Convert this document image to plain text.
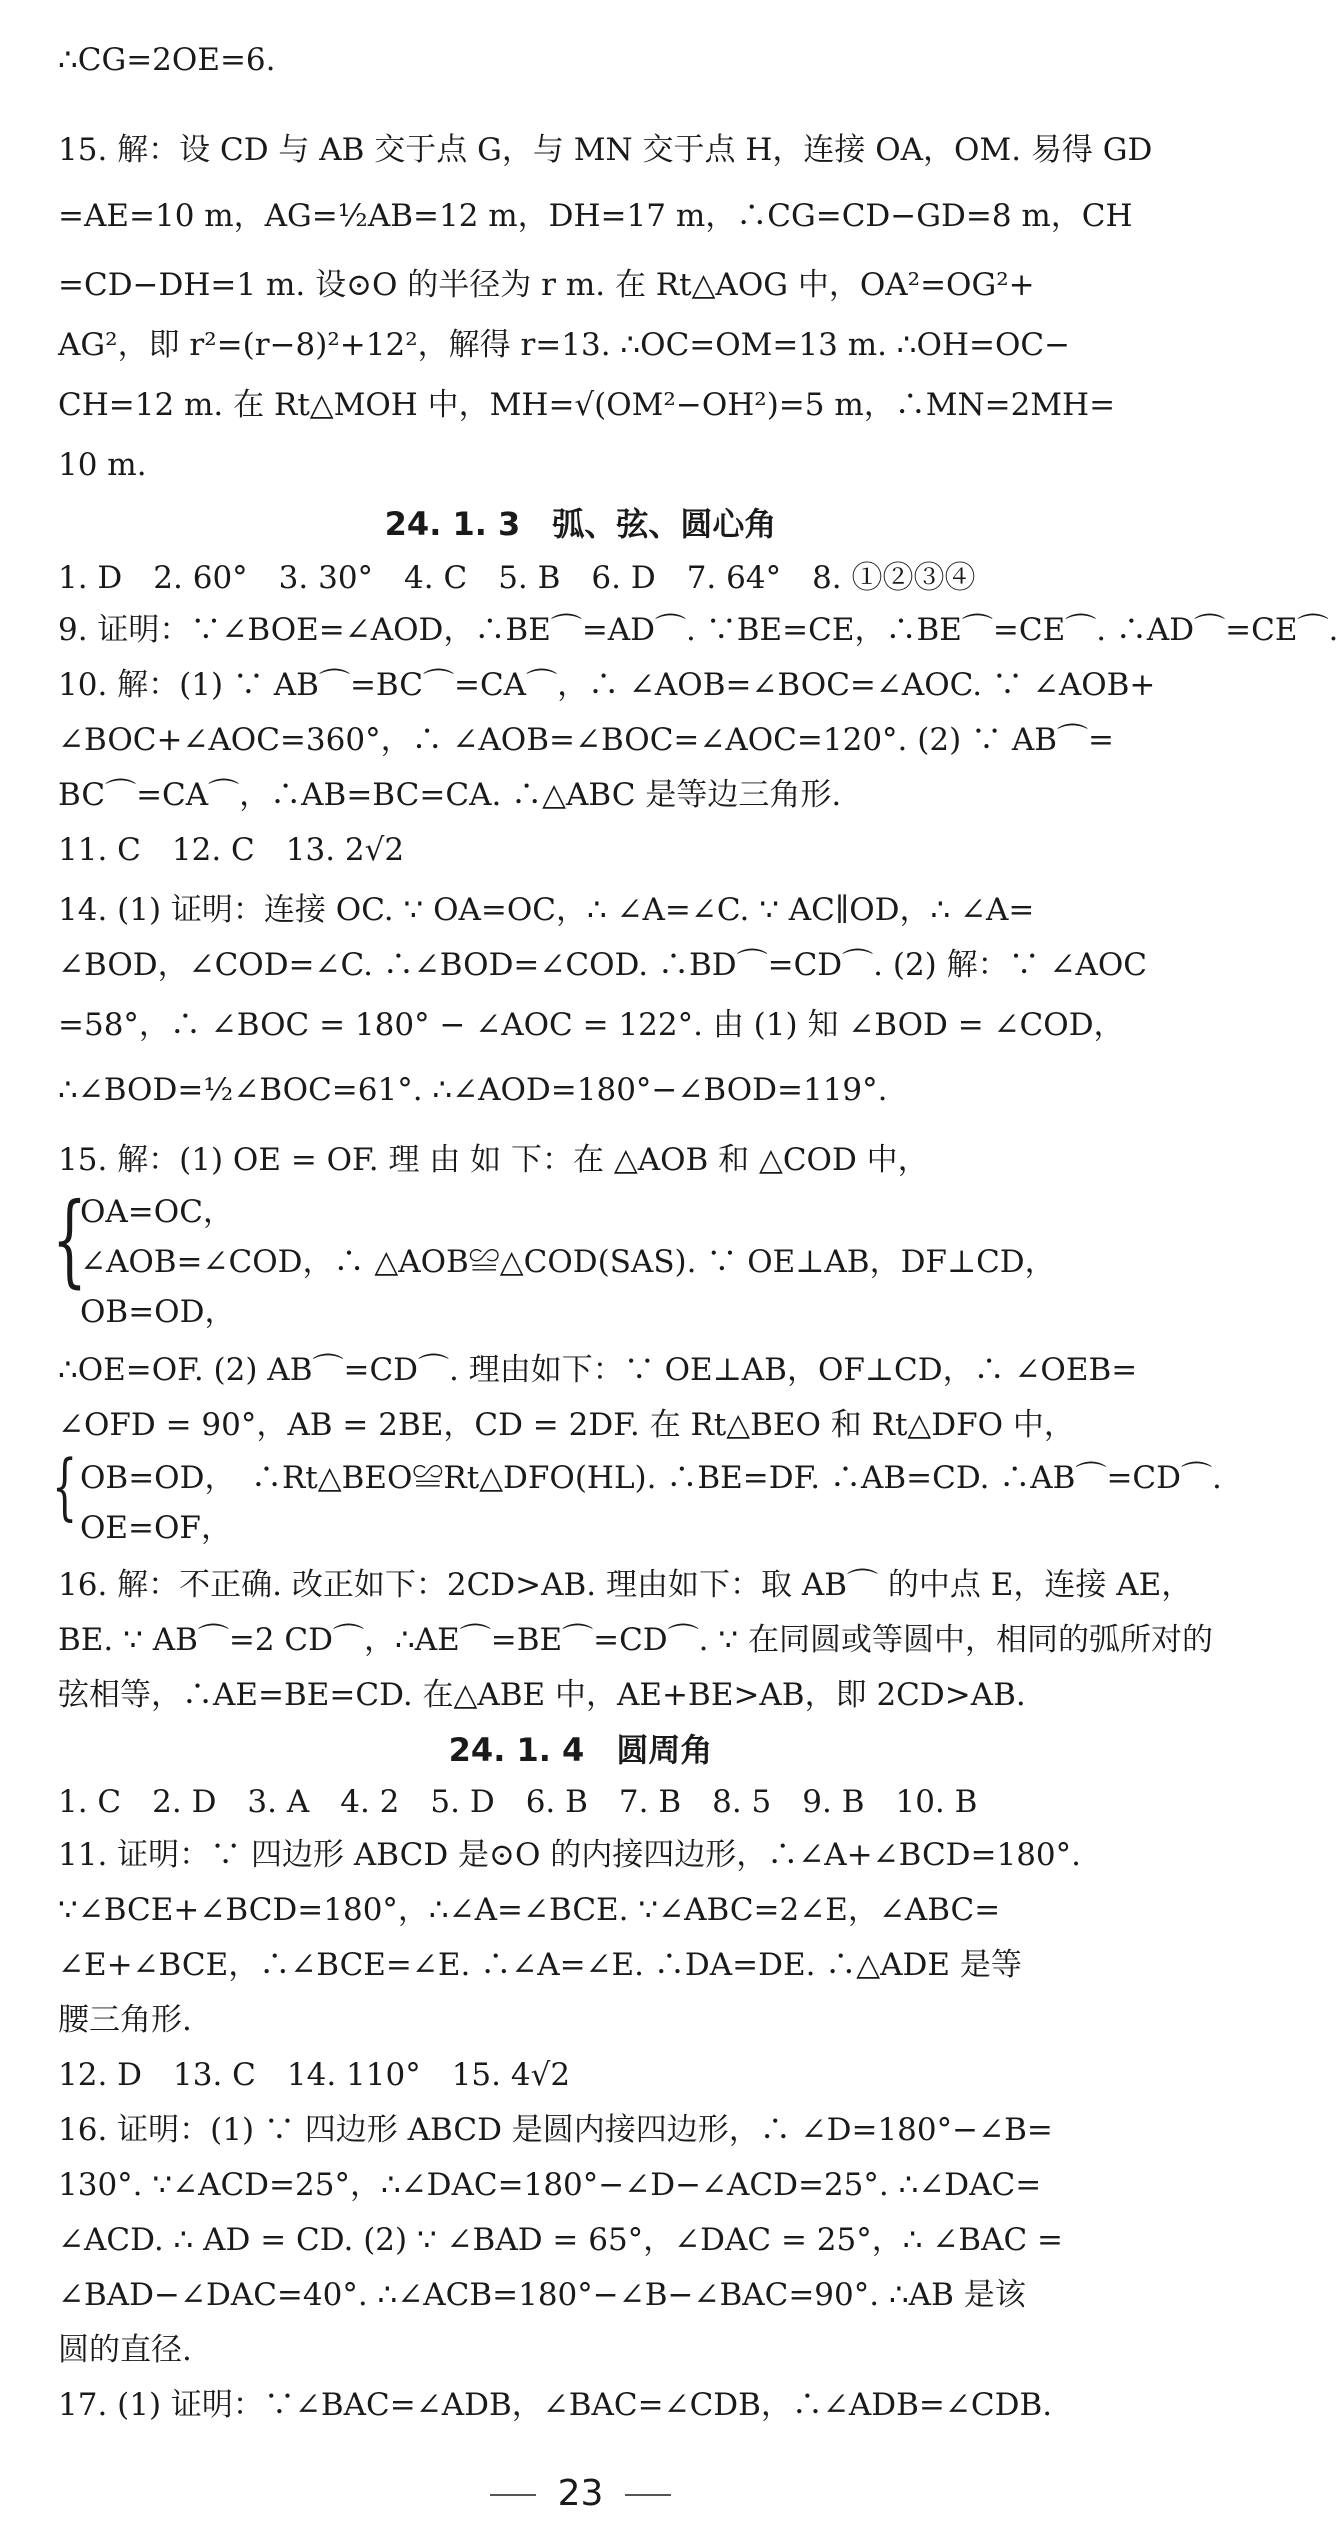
∴CG=2OE=6.
15. 解：设 CD 与 AB 交于点 G，与 MN 交于点 H，连接 OA，OM. 易得 GD
=AE=10 m，AG=½AB=12 m，DH=17 m，∴CG=CD−GD=8 m，CH
=CD−DH=1 m. 设⊙O 的半径为 r m. 在 Rt△AOG 中，OA²=OG²+
AG²，即 r²=(r−8)²+12²，解得 r=13. ∴OC=OM=13 m. ∴OH=OC−
CH=12 m. 在 Rt△MOH 中，MH=√(OM²−OH²)=5 m，∴MN=2MH=
10 m.
24. 1. 3　弧、弦、圆心角
1. D　2. 60°　3. 30°　4. C　5. B　6. D　7. 64°　8. ①②③④
9. 证明：∵∠BOE=∠AOD，∴BE⌒=AD⌒. ∵BE=CE，∴BE⌒=CE⌒. ∴AD⌒=CE⌒.
10. 解：(1) ∵ AB⌒=BC⌒=CA⌒，∴ ∠AOB=∠BOC=∠AOC. ∵ ∠AOB+
∠BOC+∠AOC=360°，∴ ∠AOB=∠BOC=∠AOC=120°. (2) ∵ AB⌒=
BC⌒=CA⌒，∴AB=BC=CA. ∴△ABC 是等边三角形.
11. C　12. C　13. 2√2
14. (1) 证明：连接 OC. ∵ OA=OC，∴ ∠A=∠C. ∵ AC∥OD，∴ ∠A=
∠BOD，∠COD=∠C. ∴∠BOD=∠COD. ∴BD⌒=CD⌒. (2) 解：∵ ∠AOC
=58°，∴ ∠BOC = 180° − ∠AOC = 122°. 由 (1) 知 ∠BOD = ∠COD，
∴∠BOD=½∠BOC=61°. ∴∠AOD=180°−∠BOD=119°.
15. 解：(1) OE = OF. 理 由 如 下：在 △AOB 和 △COD 中，
{
OA=OC，
∠AOB=∠COD，∴ △AOB≌△COD(SAS). ∵ OE⊥AB，DF⊥CD，
OB=OD，
∴OE=OF. (2) AB⌒=CD⌒. 理由如下：∵ OE⊥AB，OF⊥CD，∴ ∠OEB=
∠OFD = 90°，AB = 2BE，CD = 2DF. 在 Rt△BEO 和 Rt△DFO 中，
{ OB=OD，　∴Rt△BEO≌Rt△DFO(HL). ∴BE=DF. ∴AB=CD. ∴AB⌒=CD⌒.
OE=OF，
16. 解：不正确. 改正如下：2CD>AB. 理由如下：取 AB⌒ 的中点 E，连接 AE，
BE. ∵ AB⌒=2 CD⌒，∴AE⌒=BE⌒=CD⌒. ∵ 在同圆或等圆中，相同的弧所对的
弦相等，∴AE=BE=CD. 在△ABE 中，AE+BE>AB，即 2CD>AB.
24. 1. 4　圆周角
1. C　2. D　3. A　4. 2　5. D　6. B　7. B　8. 5　9. B　10. B
11. 证明：∵ 四边形 ABCD 是⊙O 的内接四边形，∴∠A+∠BCD=180°.
∵∠BCE+∠BCD=180°，∴∠A=∠BCE. ∵∠ABC=2∠E，∠ABC=
∠E+∠BCE，∴∠BCE=∠E. ∴∠A=∠E. ∴DA=DE. ∴△ADE 是等
腰三角形.
12. D　13. C　14. 110°　15. 4√2
16. 证明：(1) ∵ 四边形 ABCD 是圆内接四边形，∴ ∠D=180°−∠B=
130°. ∵∠ACD=25°，∴∠DAC=180°−∠D−∠ACD=25°. ∴∠DAC=
∠ACD. ∴ AD = CD. (2) ∵ ∠BAD = 65°，∠DAC = 25°，∴ ∠BAC =
∠BAD−∠DAC=40°. ∴∠ACB=180°−∠B−∠BAC=90°. ∴AB 是该
圆的直径.
17. (1) 证明：∵∠BAC=∠ADB，∠BAC=∠CDB，∴∠ADB=∠CDB.
23
